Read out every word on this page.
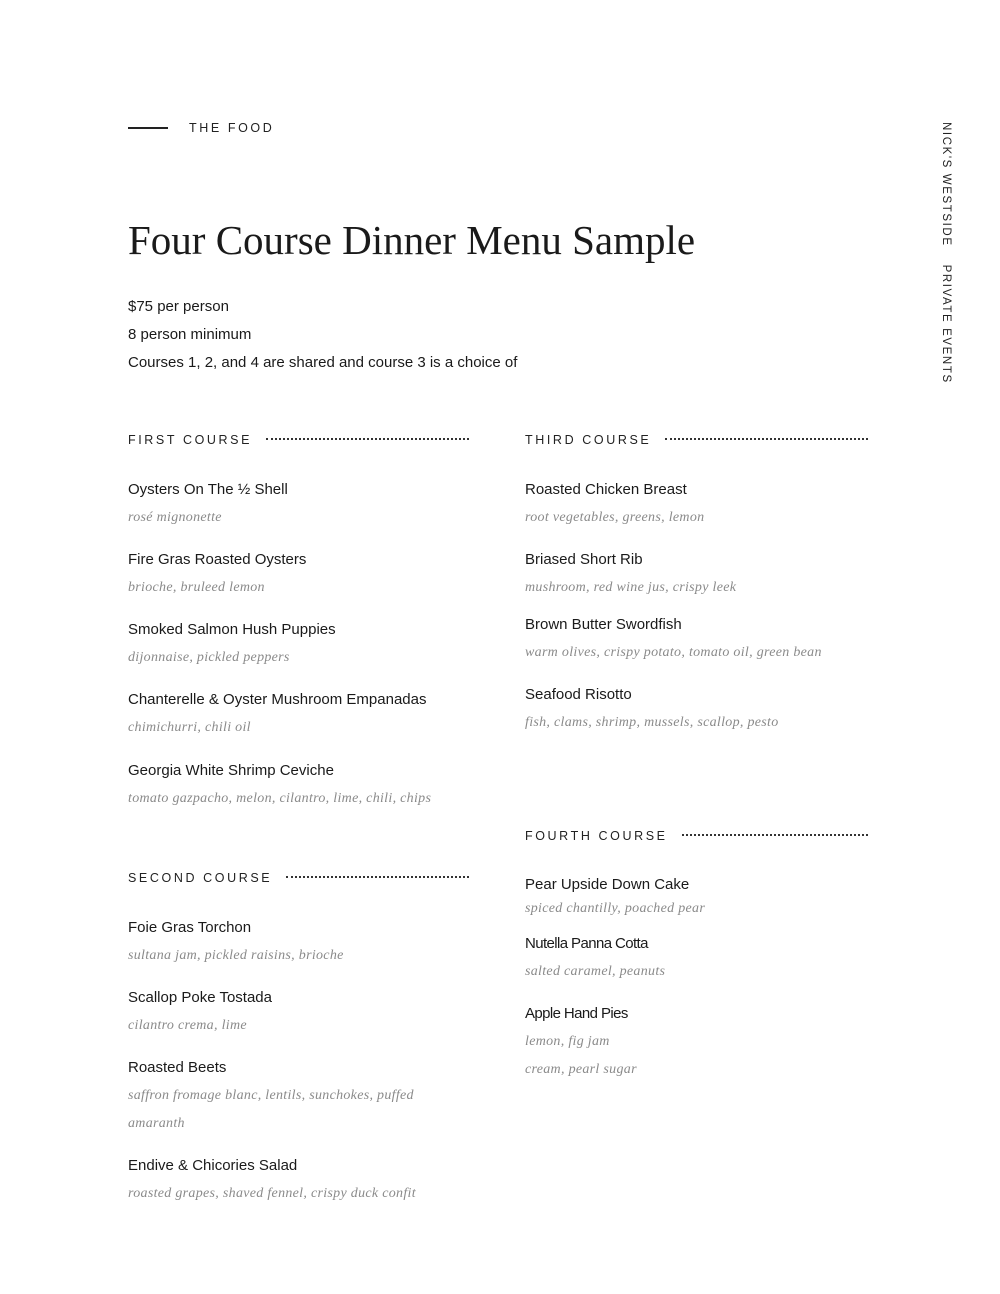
THE FOOD	NICK'S WESTSIDEPRIVATE EVENTS
Four Course Dinner Menu Sample
$75 per person
8 person minimum
Courses 1, 2, and 4 are shared and course 3 is a choice of
FIRST COURSE
Oysters On The ½ Shell
rosé mignonette
Fire Gras Roasted Oysters
brioche, bruleed lemon
Smoked Salmon Hush Puppies
dijonnaise, pickled peppers
Chanterelle & Oyster Mushroom Empanadas
chimichurri, chili oil
Georgia White Shrimp Ceviche
tomato gazpacho, melon, cilantro, lime, chili, chips
SECOND COURSE
Foie Gras Torchon
sultana jam, pickled raisins, brioche
Scallop Poke Tostada
cilantro crema, lime
Roasted Beets
saffron fromage blanc, lentils, sunchokes, puffed amaranth
Endive & Chicories Salad
roasted grapes, shaved fennel, crispy duck confit
THIRD COURSE
Roasted Chicken Breast
root vegetables, greens, lemon
Briased Short Rib
mushroom, red wine jus, crispy leek
Brown Butter Swordfish
warm olives, crispy potato, tomato oil, green bean
Seafood Risotto
fish, clams, shrimp, mussels, scallop, pesto
FOURTH COURSE
Pear Upside Down Cake
spiced chantilly, poached pear
Nutella Panna Cotta
salted caramel, peanuts
Apple Hand Pies
lemon, fig jam
cream, pearl sugar
